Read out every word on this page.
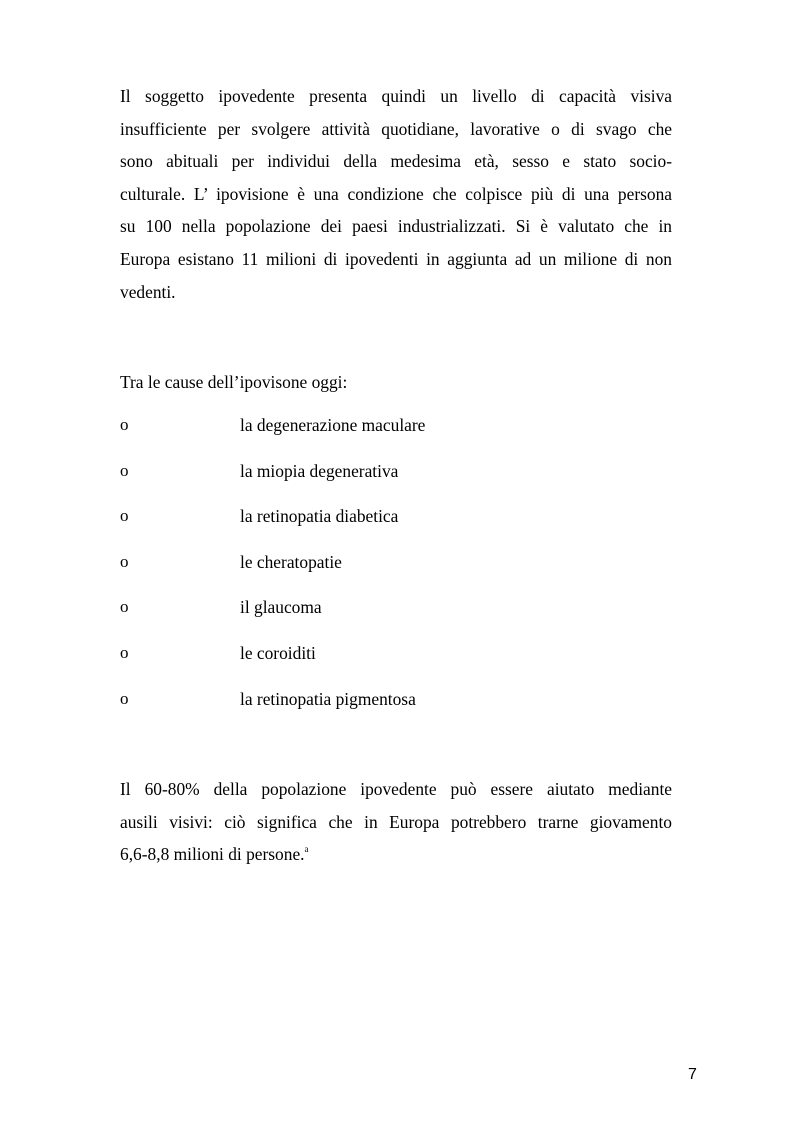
Il soggetto ipovedente presenta quindi un livello di capacità visiva
insufficiente per svolgere attività quotidiane, lavorative o di svago che
sono abituali per individui della medesima età, sesso e stato socio-
culturale. L’ ipovisione è una condizione che colpisce più di una persona
su 100 nella popolazione dei paesi industrializzati. Si è valutato che in
Europa esistano 11 milioni di ipovedenti in aggiunta ad un milione di non
vedenti.

Tra le cause dell’ipovisone oggi:

o	la degenerazione maculare
o	la miopia degenerativa
o	la retinopatia diabetica
o	le cheratopatie
o	il glaucoma
o	le coroiditi
o	la retinopatia pigmentosa
Il 60-80% della popolazione ipovedente può essere aiutato mediante
ausili visivi: ciò significa che in Europa potrebbero trarne giovamento
6,6-8,8 milioni di persone.$^a$
7
